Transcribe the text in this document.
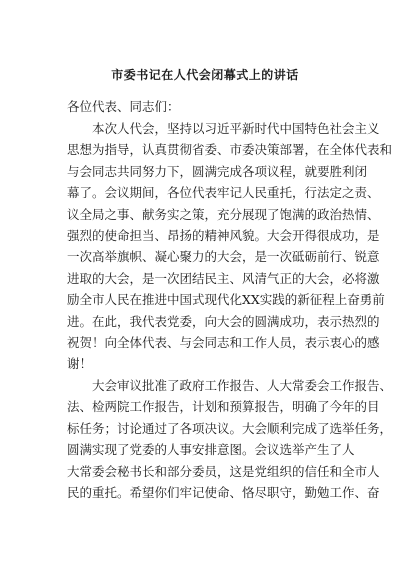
市委书记在人代会闭幕式上的讲话
各位代表、同志们：

本次人代会，坚持以习近平新时代中国特色社会主义
思想为指导，认真贯彻省委、市委决策部署，在全体代表和
与会同志共同努力下，圆满完成各项议程，就要胜利闭
幕了。会议期间，各位代表牢记人民重托，行法定之责、
议全局之事、献务实之策，充分展现了饱满的政治热情、
强烈的使命担当、昂扬的精神风貌。大会开得很成功，是
一次高举旗帜、凝心聚力的大会，是一次砥砺前行、锐意
进取的大会，是一次团结民主、风清气正的大会，必将激
励全市人民在推进中国式现代化XX实践的新征程上奋勇前
进。在此，我代表党委，向大会的圆满成功，表示热烈的
祝贺！向全体代表、与会同志和工作人员，表示衷心的感
谢！

大会审议批准了政府工作报告、人大常委会工作报告、
法、检两院工作报告，计划和预算报告，明确了今年的目
标任务；讨论通过了各项决议。大会顺利完成了选举任务，
圆满实现了党委的人事安排意图。会议选举产生了人
大常委会秘书长和部分委员，这是党组织的信任和全市人
民的重托。希望你们牢记使命、恪尽职守，勤勉工作、奋
